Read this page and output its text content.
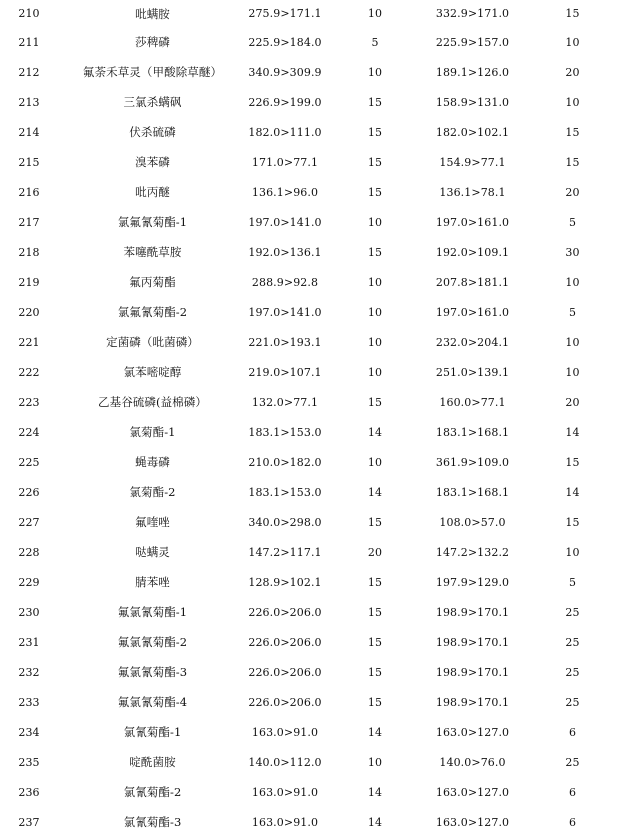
210	吡螨胺	275.9>171.1	10	332.9>171.0	15
211	莎稗磷	225.9>184.0	5	225.9>157.0	10
212	氟荼禾草灵（甲酸除草醚）	340.9>309.9	10	189.1>126.0	20
213	三氯杀螨砜	226.9>199.0	15	158.9>131.0	10
214	伏杀硫磷	182.0>111.0	15	182.0>102.1	15
215	溴苯磷	171.0>77.1	15	154.9>77.1	15
216	吡丙醚	136.1>96.0	15	136.1>78.1	20
217	氯氟氰菊酯-1	197.0>141.0	10	197.0>161.0	5
218	苯噻酰草胺	192.0>136.1	15	192.0>109.1	30
219	氟丙菊酯	288.9>92.8	10	207.8>181.1	10
220	氯氟氰菊酯-2	197.0>141.0	10	197.0>161.0	5
221	定菌磷（吡菌磷）	221.0>193.1	10	232.0>204.1	10
222	氯苯嘧啶醇	219.0>107.1	10	251.0>139.1	10
223	乙基谷硫磷(益棉磷）	132.0>77.1	15	160.0>77.1	20
224	氯菊酯-1	183.1>153.0	14	183.1>168.1	14
225	蝇毒磷	210.0>182.0	10	361.9>109.0	15
226	氯菊酯-2	183.1>153.0	14	183.1>168.1	14
227	氟喹唑	340.0>298.0	15	108.0>57.0	15
228	哒螨灵	147.2>117.1	20	147.2>132.2	10
229	腈苯唑	128.9>102.1	15	197.9>129.0	5
230	氟氯氰菊酯-1	226.0>206.0	15	198.9>170.1	25
231	氟氯氰菊酯-2	226.0>206.0	15	198.9>170.1	25
232	氟氯氰菊酯-3	226.0>206.0	15	198.9>170.1	25
233	氟氯氰菊酯-4	226.0>206.0	15	198.9>170.1	25
234	氯氰菊酯-1	163.0>91.0	14	163.0>127.0	6
235	啶酰菌胺	140.0>112.0	10	140.0>76.0	25
236	氯氰菊酯-2	163.0>91.0	14	163.0>127.0	6
237	氯氰菊酯-3	163.0>91.0	14	163.0>127.0	6
